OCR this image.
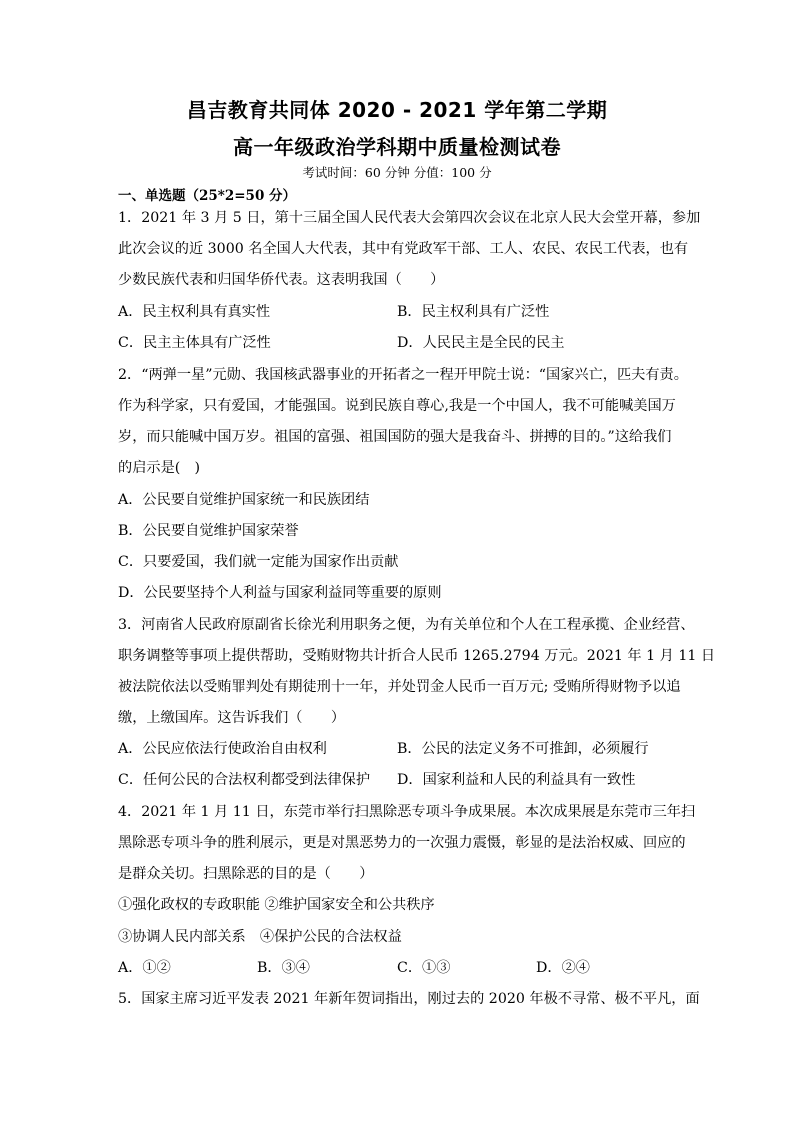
昌吉教育共同体 2020 - 2021 学年第二学期
高一年级政治学科期中质量检测试卷
考试时间：60 分钟 分值：100 分
一、单选题（25*2=50 分）
1．2021 年 3 月 5 日，第十三届全国人民代表大会第四次会议在北京人民大会堂开幕，参加
此次会议的近 3000 名全国人大代表，其中有党政军干部、工人、农民、农民工代表，也有
少数民族代表和归国华侨代表。这表明我国（　　）
A．民主权利具有真实性	B．民主权利具有广泛性
C．民主主体具有广泛性	D．人民民主是全民的民主
2．“两弹一星”元勋、我国核武器事业的开拓者之一程开甲院士说：“国家兴亡，匹夫有责。
作为科学家，只有爱国，才能强国。说到民族自尊心,我是一个中国人，我不可能喊美国万
岁，而只能喊中国万岁。祖国的富强、祖国国防的强大是我奋斗、拼搏的目的。”这给我们
的启示是(　)
A．公民要自觉维护国家统一和民族团结
B．公民要自觉维护国家荣誉
C．只要爱国，我们就一定能为国家作出贡献
D．公民要坚持个人利益与国家利益同等重要的原则
3．河南省人民政府原副省长徐光利用职务之便，为有关单位和个人在工程承揽、企业经营、
职务调整等事项上提供帮助，受贿财物共计折合人民币 1265.2794 万元。2021 年 1 月 11 日
被法院依法以受贿罪判处有期徒刑十一年，并处罚金人民币一百万元; 受贿所得财物予以追
缴，上缴国库。这告诉我们（　　）
A．公民应依法行使政治自由权利	B．公民的法定义务不可推卸，必须履行
C．任何公民的合法权利都受到法律保护 D．国家利益和人民的利益具有一致性
4．2021 年 1 月 11 日，东莞市举行扫黑除恶专项斗争成果展。本次成果展是东莞市三年扫
黑除恶专项斗争的胜利展示，更是对黑恶势力的一次强力震慑，彰显的是法治权威、回应的
是群众关切。扫黑除恶的目的是（　　）
①强化政权的专政职能 ②维护国家安全和公共秩序
③协调人民内部关系　④保护公民的合法权益
A．①②	B．③④	C．①③	D．②④
5．国家主席习近平发表 2021 年新年贺词指出，刚过去的 2020 年极不寻常、极不平凡，面
